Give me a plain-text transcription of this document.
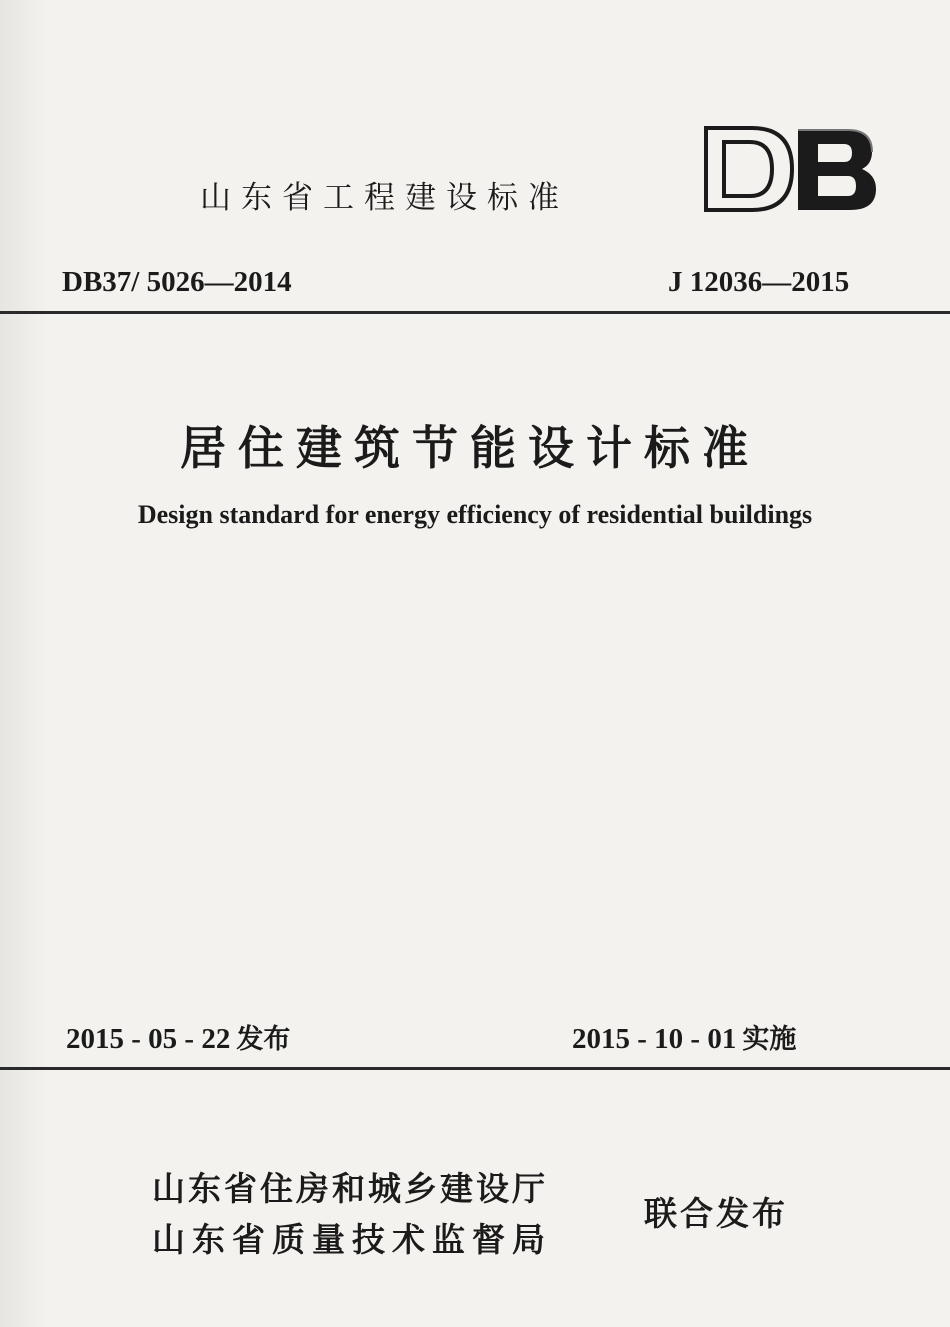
山东省工程建设标准
DB37/ 5026—2014	J 12036—2015
居住建筑节能设计标准
Design standard for energy efficiency of residential buildings
2015 - 05 - 22 发布	2015 - 10 - 01 实施
山东省住房和城乡建设厅
山东省质量技术监督局
联合发布
